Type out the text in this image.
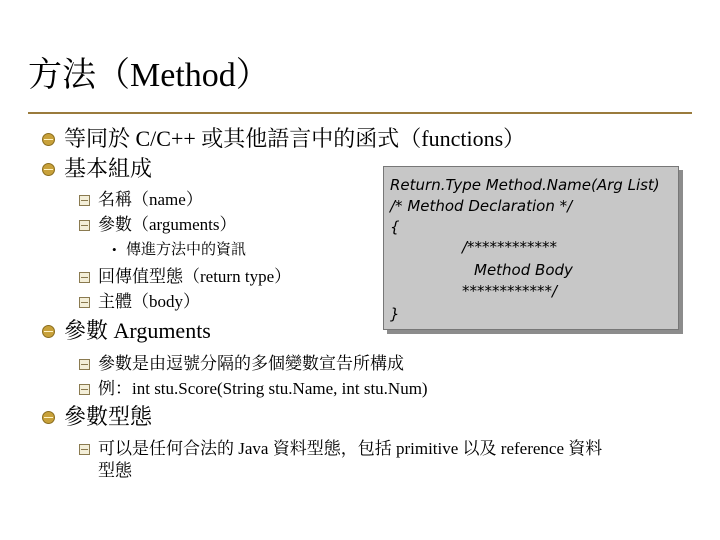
方法（Method）
等同於 C/C++ 或其他語言中的函式（functions）
基本組成
名稱（name）
參數（arguments）
• 傳進方法中的資訊
回傳值型態（return type）
主體（body）
參數 Arguments
參數是由逗號分隔的多個變數宣告所構成
例：int stu.Score(String stu.Name, int stu.Num)
參數型態
可以是任何合法的 Java 資料型態，包括 primitive 以及 reference 資料
型態
Return.Type Method.Name(Arg List)
/* Method Declaration */
{
/************
Method Body
************/
}
